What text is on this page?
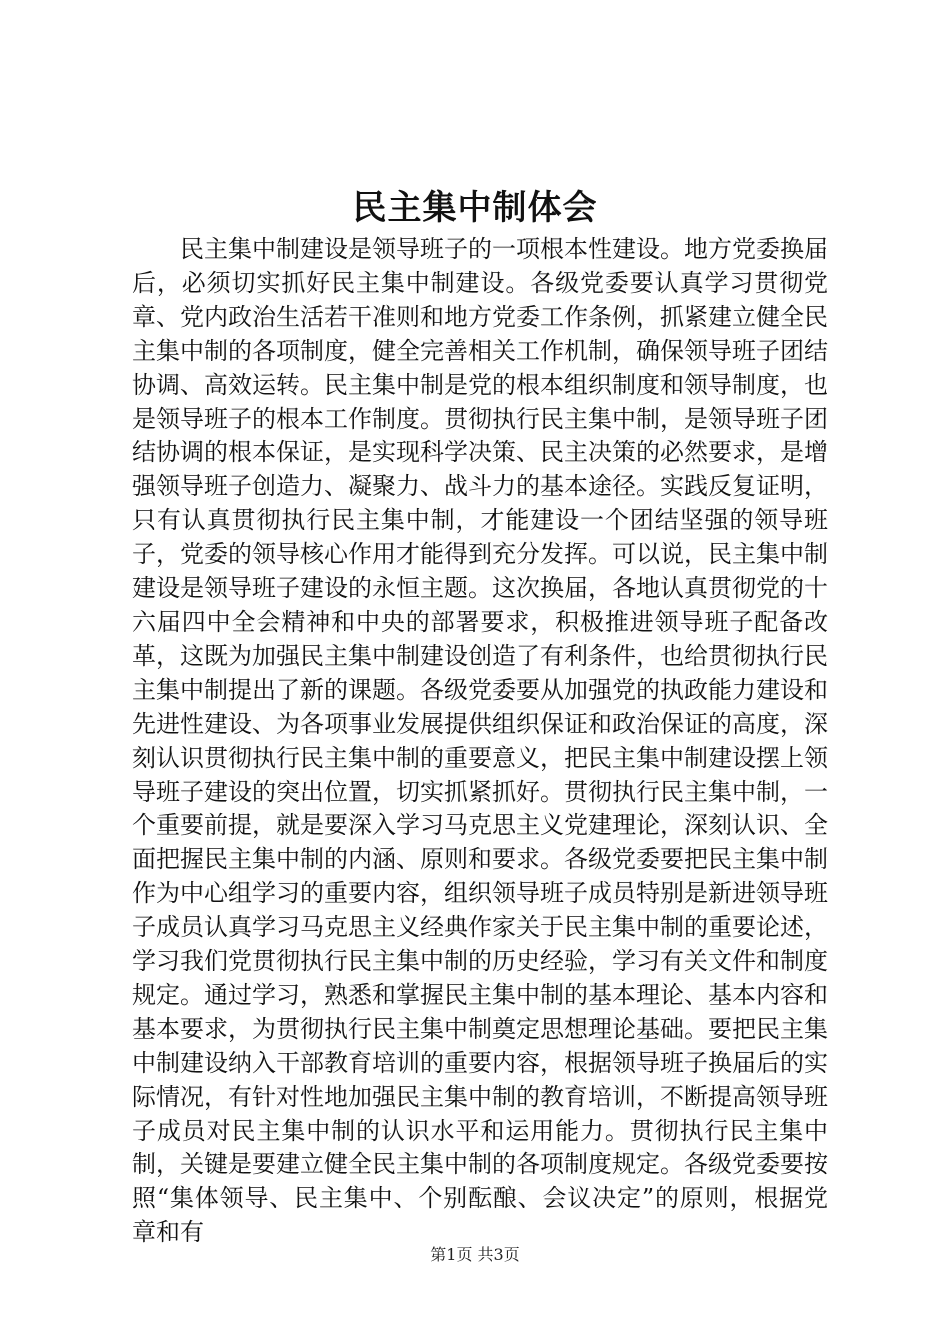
民主集中制体会

民主集中制建设是领导班子的一项根本性建设。地方党委换届后，必须切实抓好民主集中制建设。各级党委要认真学习贯彻党章、党内政治生活若干准则和地方党委工作条例，抓紧建立健全民主集中制的各项制度，健全完善相关工作机制，确保领导班子团结协调、高效运转。民主集中制是党的根本组织制度和领导制度，也是领导班子的根本工作制度。贯彻执行民主集中制，是领导班子团结协调的根本保证，是实现科学决策、民主决策的必然要求，是增强领导班子创造力、凝聚力、战斗力的基本途径。实践反复证明，只有认真贯彻执行民主集中制，才能建设一个团结坚强的领导班子，党委的领导核心作用才能得到充分发挥。可以说，民主集中制建设是领导班子建设的永恒主题。这次换届，各地认真贯彻党的十六届四中全会精神和中央的部署要求，积极推进领导班子配备改革，这既为加强民主集中制建设创造了有利条件，也给贯彻执行民主集中制提出了新的课题。各级党委要从加强党的执政能力建设和先进性建设、为各项事业发展提供组织保证和政治保证的高度，深刻认识贯彻执行民主集中制的重要意义，把民主集中制建设摆上领导班子建设的突出位置，切实抓紧抓好。贯彻执行民主集中制，一个重要前提，就是要深入学习马克思主义党建理论，深刻认识、全面把握民主集中制的内涵、原则和要求。各级党委要把民主集中制作为中心组学习的重要内容，组织领导班子成员特别是新进领导班子成员认真学习马克思主义经典作家关于民主集中制的重要论述，学习我们党贯彻执行民主集中制的历史经验，学习有关文件和制度规定。通过学习，熟悉和掌握民主集中制的基本理论、基本内容和基本要求，为贯彻执行民主集中制奠定思想理论基础。要把民主集中制建设纳入干部教育培训的重要内容，根据领导班子换届后的实际情况，有针对性地加强民主集中制的教育培训，不断提高领导班子成员对民主集中制的认识水平和运用能力。贯彻执行民主集中制，关键是要建立健全民主集中制的各项制度规定。各级党委要按照“集体领导、民主集中、个别酝酿、会议决定”的原则，根据党章和有

第1页 共3页
